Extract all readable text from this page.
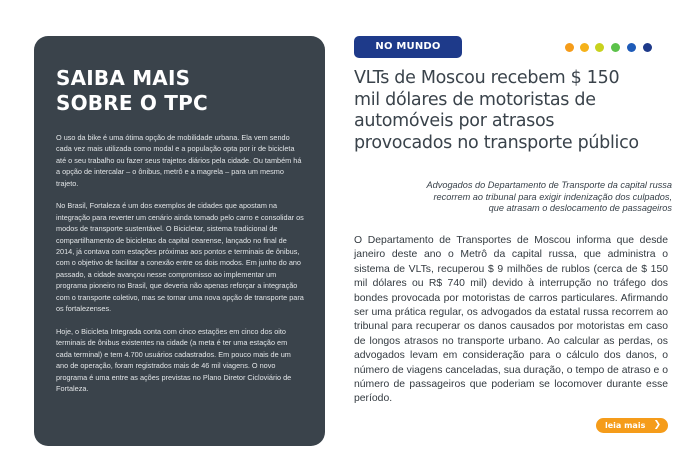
SAIBA MAIS
SOBRE O TPC

O uso da bike é uma ótima opção de mobilidade urbana. Ela vem sendo cada vez mais utilizada como modal e a população opta por ir de bicicleta até o seu trabalho ou fazer seus trajetos diários pela cidade. Ou também há a opção de intercalar – o ônibus, metrô e a magrela – para um mesmo trajeto.

No Brasil, Fortaleza é um dos exemplos de cidades que apostam na integração para reverter um cenário ainda tomado pelo carro e consolidar os modos de transporte sustentável. O Bicicletar, sistema tradicional de compartilhamento de bicicletas da capital cearense, lançado no final de 2014, já contava com estações próximas aos pontos e terminais de ônibus, com o objetivo de facilitar a conexão entre os dois modos. Em junho do ano passado, a cidade avançou nesse compromisso ao implementar um programa pioneiro no Brasil, que deveria não apenas reforçar a integração com o transporte coletivo, mas se tornar uma nova opção de transporte para os fortalezenses.

Hoje, o Bicicleta Integrada conta com cinco estações em cinco dos oito terminais de ônibus existentes na cidade (a meta é ter uma estação em cada terminal) e tem 4.700 usuários cadastrados. Em pouco mais de um ano de operação, foram registrados mais de 46 mil viagens. O novo programa é uma entre as ações previstas no Plano Diretor Cicloviário de Fortaleza.

NO MUNDO
VLTs de Moscou recebem $ 150
mil dólares de motoristas de
automóveis por atrasos
provocados no transporte público
Advogados do Departamento de Transporte da capital russa
recorrem ao tribunal para exigir indenização dos culpados,
que atrasam o deslocamento de passageiros

O Departamento de Transportes de Moscou informa que desde janeiro deste ano o Metrô da capital russa, que administra o sistema de VLTs, recuperou $ 9 milhões de rublos (cerca de $ 150 mil dólares ou R$ 740 mil) devido à interrupção no tráfego dos bondes provocada por motoristas de carros particulares. Afirmando ser uma prática regular, os advogados da estatal russa recorrem ao tribunal para recuperar os danos causados por motoristas em caso de longos atrasos no transporte urbano. Ao calcular as perdas, os advogados levam em consideração para o cálculo dos danos, o número de viagens canceladas, sua duração, o tempo de atraso e o número de passageiros que poderiam se locomover durante esse período.

leia mais ❯
